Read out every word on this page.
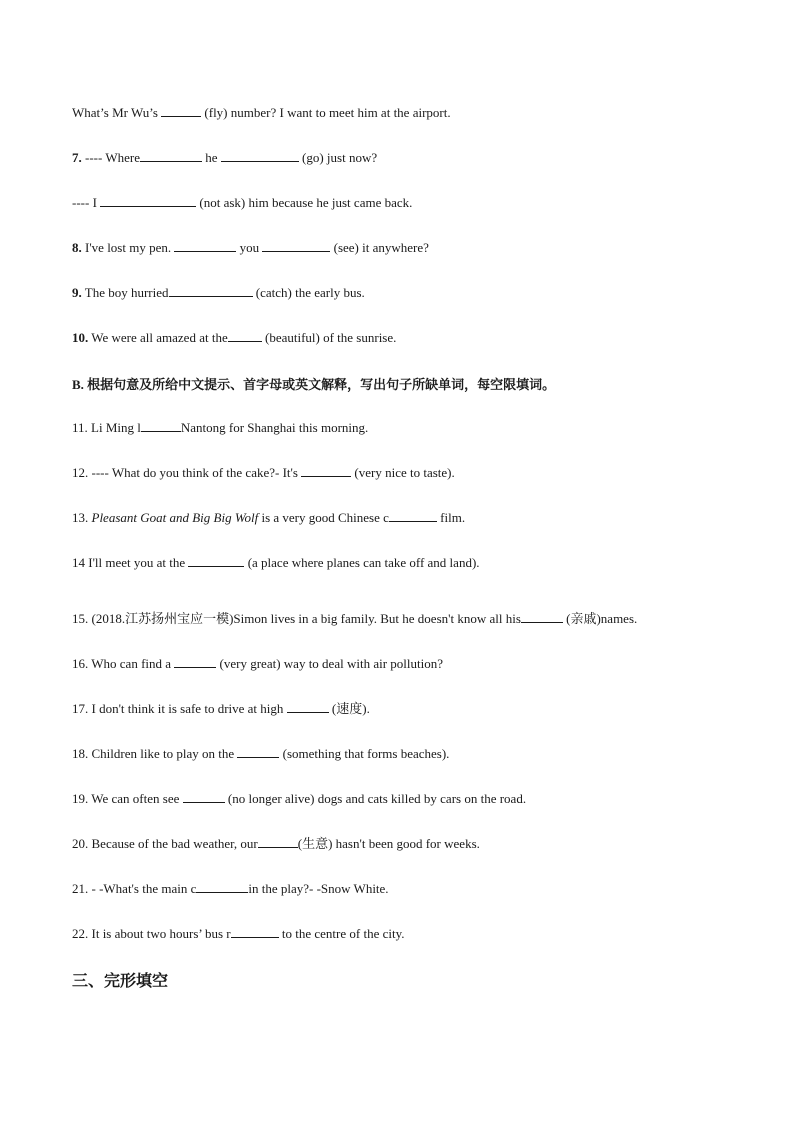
What’s Mr Wu’s	(fly) number? I want to meet him at the airport.

7. ---- Where	he	(go) just now?

---- I	(not ask) him because he just came back.

8. I've lost my pen.	you	(see) it anywhere?

9. The boy hurried	(catch) the early bus.

10. We were all amazed at the	(beautiful) of the sunrise.

B. 根据句意及所给中文提示、首字母或英文解释，写出句子所缺单词，每空限填词。

11. Li Ming l	Nantong for Shanghai this morning.

12. ---- What do you think of the cake?- It's	(very nice to taste).

13. Pleasant Goat and Big Big Wolf is a very good Chinese c	film.

14 I'll meet you at the	(a place where planes can take off and land).

15. (2018.江苏扬州宝应一模)Simon lives in a big family. But he doesn't know all his	(亲戚)names.

16. Who can find a	(very great) way to deal with air pollution?

17. I don't think it is safe to drive at high	(速度).

18. Children like to play on the	(something that forms beaches).

19. We can often see	(no longer alive) dogs and cats killed by cars on the road.

20. Because of the bad weather, our	(生意) hasn't been good for weeks.

21. - -What's the main c	in the play?- -Snow White.

22. It is about two hours’ bus r	to the centre of the city.

三、完形填空
